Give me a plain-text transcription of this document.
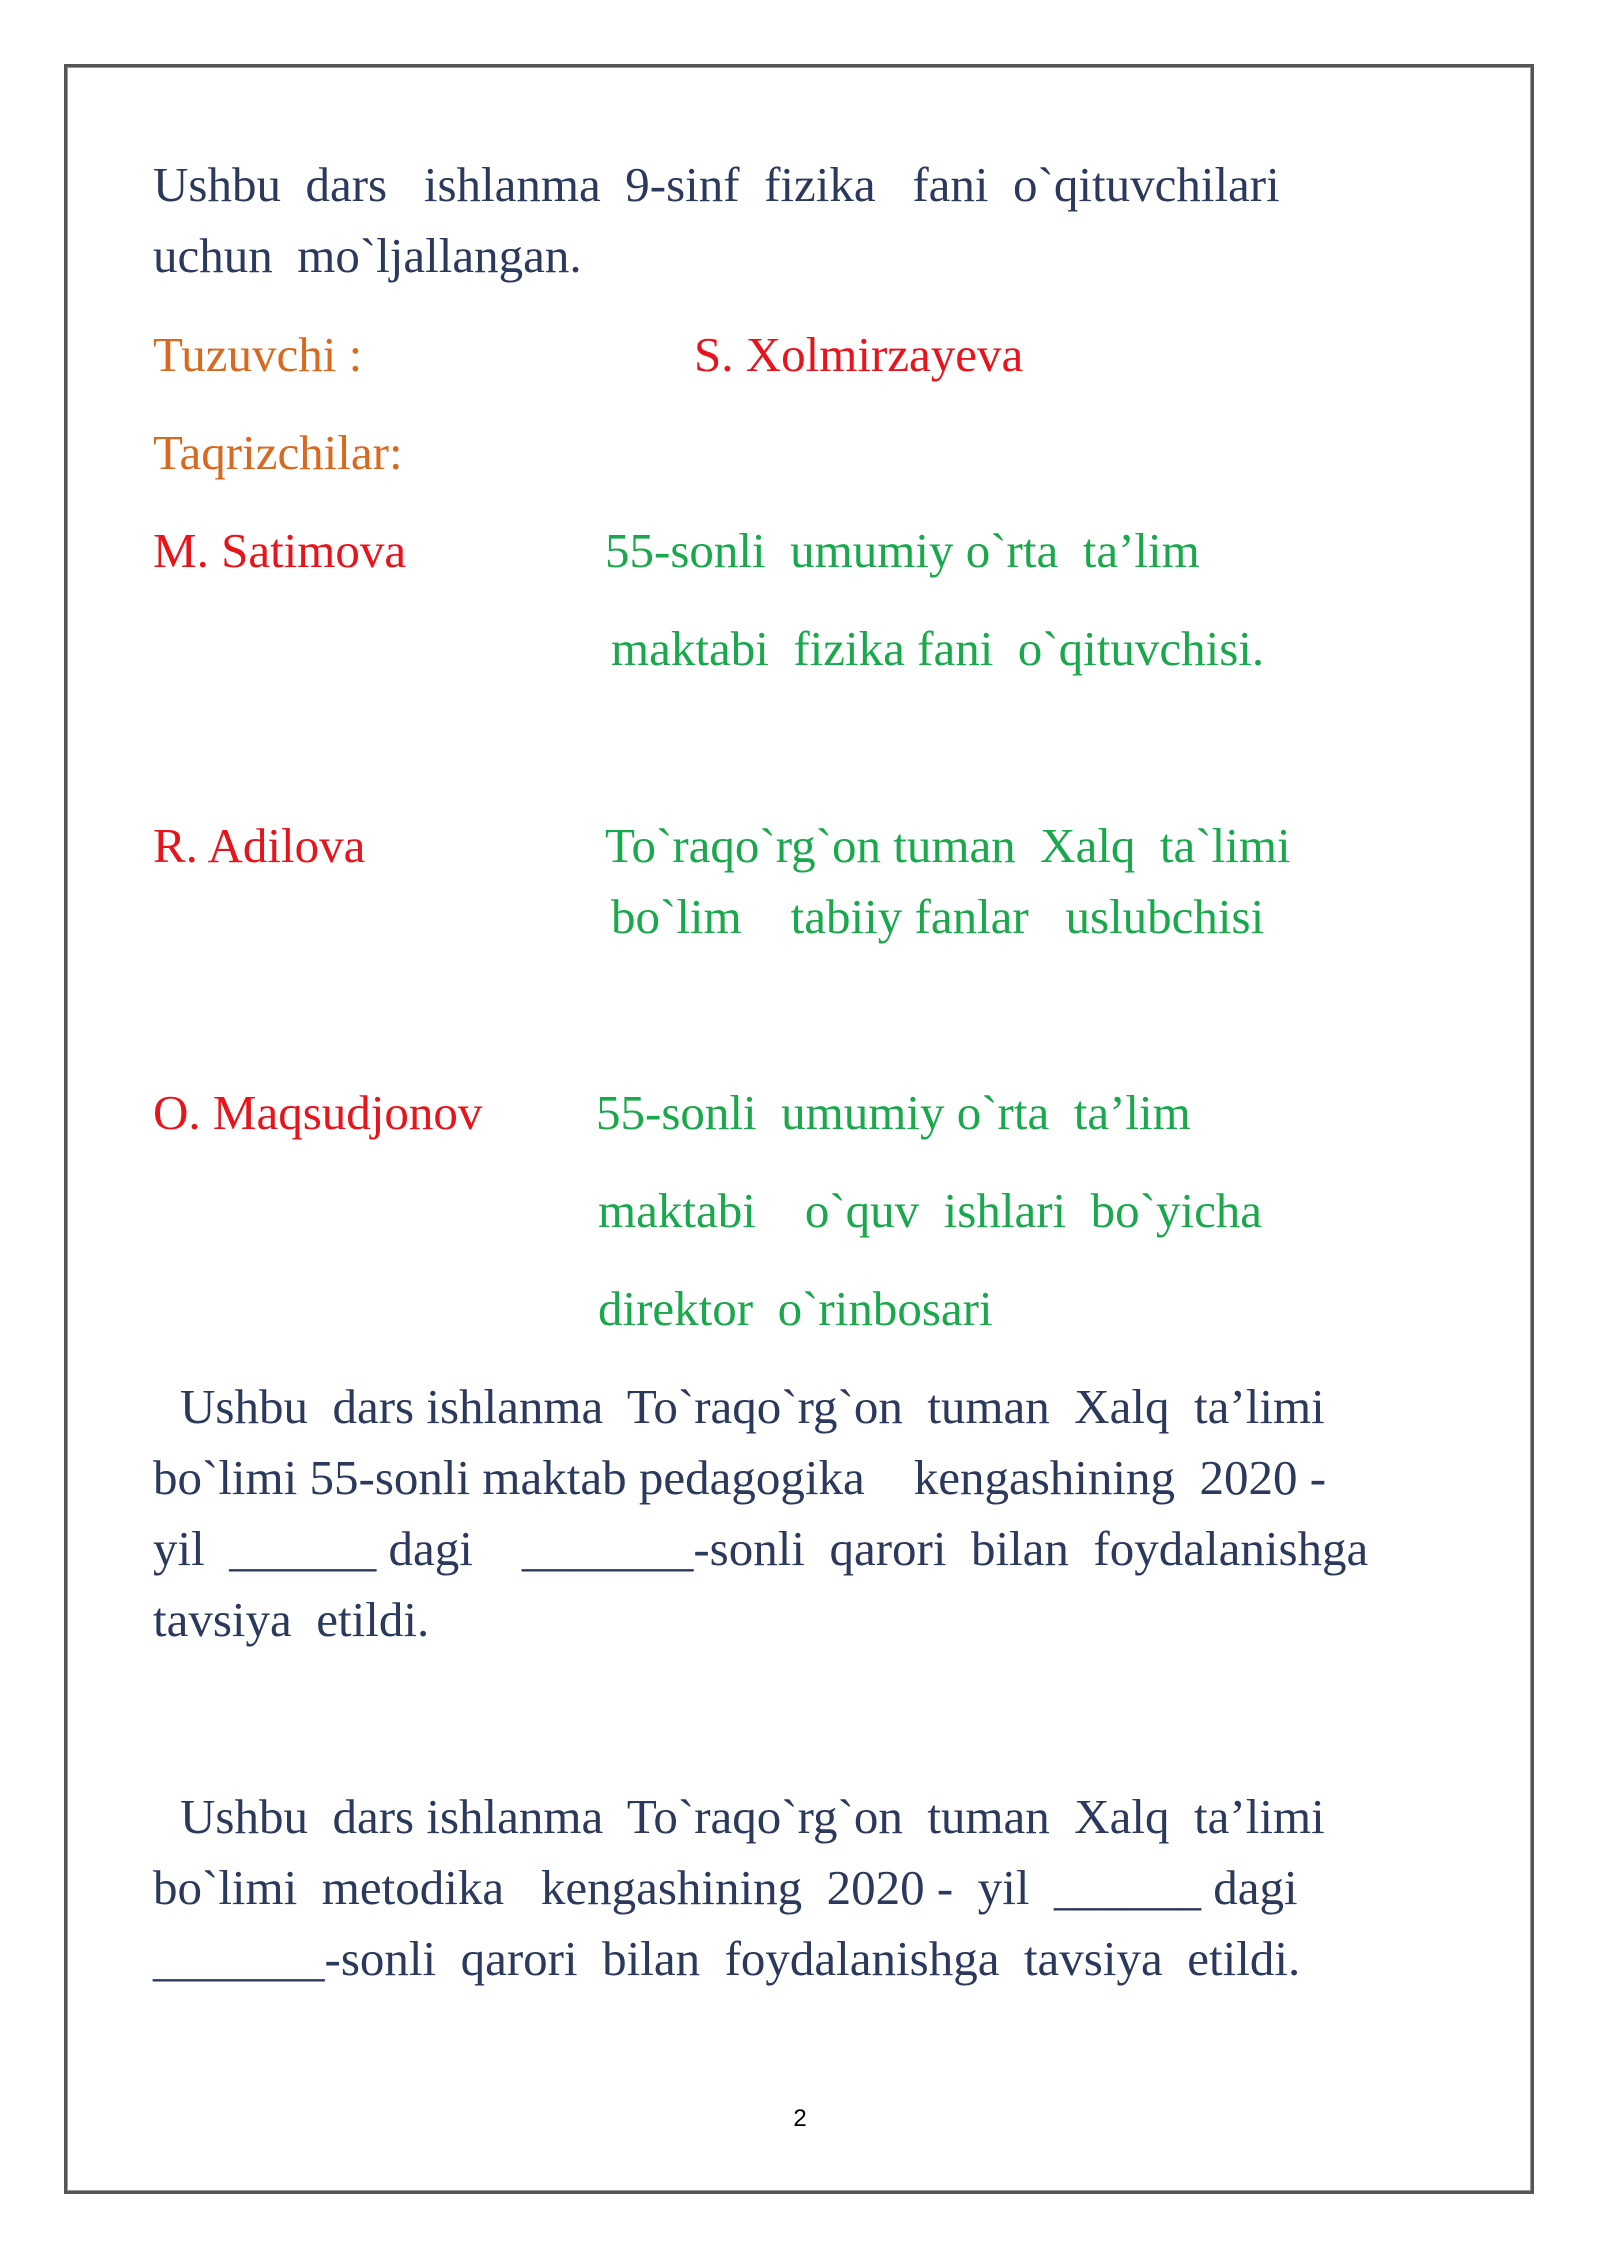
Ushbu  dars   ishlanma  9-sinf  fizika   fani  o`qituvchilari

uchun  mo`ljallangan.

Tuzuvchi :	S. Xolmirzayeva

Taqrizchilar:

M. Satimova	55-sonli  umumiy o`rta  ta’lim

maktabi  fizika fani  o`qituvchisi.

R. Adilova	To`raqo`rg`on tuman  Xalq  ta`limi

bo`lim    tabiiy fanlar   uslubchisi

O. Maqsudjonov 55-sonli  umumiy o`rta  ta’lim

maktabi    o`quv  ishlari  bo`yicha

direktor  o`rinbosari

Ushbu  dars ishlanma  To`raqo`rg`on  tuman  Xalq  ta’limi

bo`limi 55-sonli maktab pedagogika    kengashining  2020 -

yil  ______ dagi    _______-sonli  qarori  bilan  foydalanishga

tavsiya  etildi.

Ushbu  dars ishlanma  To`raqo`rg`on  tuman  Xalq  ta’limi

bo`limi  metodika   kengashining  2020 -  yil  ______ dagi

_______-sonli  qarori  bilan  foydalanishga  tavsiya  etildi.

2
